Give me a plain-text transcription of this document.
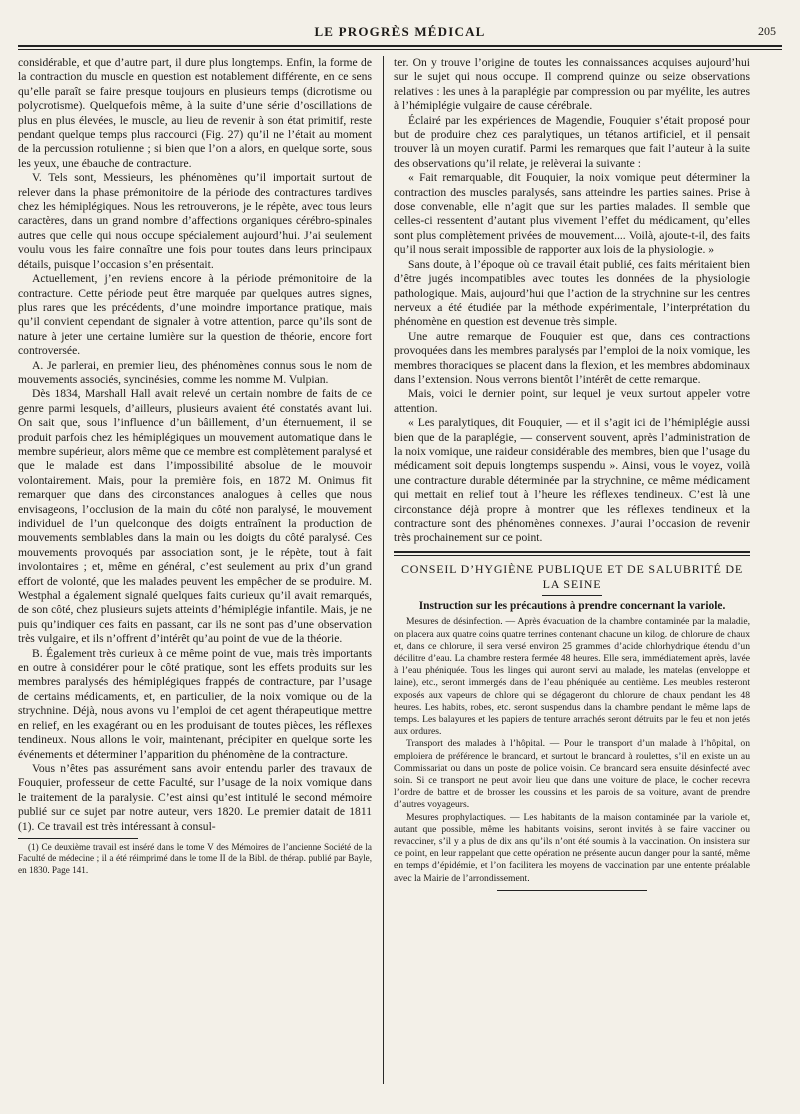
LE PROGRÈS MÉDICAL	205

considérable, et que d’autre part, il dure plus longtemps. Enfin, la forme de la contraction du muscle en question est notablement différente, en ce sens qu’elle paraît se faire presque toujours en plusieurs temps (dicrotisme ou polycrotisme). Quelquefois même, à la suite d’une série d’oscillations de plus en plus élevées, le muscle, au lieu de revenir à son état primitif, reste pendant quelque temps plus raccourci (Fig. 27) qu’il ne l’était au moment de la percussion rotulienne ; si bien que l’on a alors, en quelque sorte, sous les yeux, une ébauche de contracture.

V. Tels sont, Messieurs, les phénomènes qu’il importait surtout de relever dans la phase prémonitoire de la période des contractures tardives chez les hémiplégiques. Nous les retrouverons, je le répète, avec tous leurs caractères, dans un grand nombre d’affections organiques cérébro-spinales autres que celle qui nous occupe spécialement aujourd’hui. J’ai seulement voulu vous les faire connaître une fois pour toutes dans leurs principaux détails, puisque l’occasion s’en présentait.

Actuellement, j’en reviens encore à la période prémonitoire de la contracture. Cette période peut être marquée par quelques autres signes, plus rares que les précédents, d’une moindre importance pratique, mais qu’il convient cependant de signaler à votre attention, parce qu’ils sont de nature à jeter une certaine lumière sur la question de théorie, encore fort controversée.

A. Je parlerai, en premier lieu, des phénomènes connus sous le nom de mouvements associés, syncinésies, comme les nomme M. Vulpian.

Dès 1834, Marshall Hall avait relevé un certain nombre de faits de ce genre parmi lesquels, d’ailleurs, plusieurs avaient été constatés avant lui. On sait que, sous l’influence d’un bâillement, d’un éternuement, il se produit parfois chez les hémiplégiques un mouvement automatique dans le membre supérieur, alors même que ce membre est complètement paralysé et que le malade est dans l’impossibilité absolue de le mouvoir volontairement. Mais, pour la première fois, en 1872 M. Onimus fit remarquer que dans des circonstances analogues à celles que nous envisageons, l’occlusion de la main du côté non paralysé, le mouvement individuel de l’un quelconque des doigts entraînent la production de mouvements semblables dans la main ou les doigts du côté paralysé. Ces mouvements provoqués par association sont, je le répète, tout à fait involontaires ; et, même en général, c’est seulement au prix d’un grand effort de volonté, que les malades peuvent les empêcher de se produire. M. Westphal a également signalé quelques faits curieux qu’il avait remarqués, de son côté, chez plusieurs sujets atteints d’hémiplégie infantile. Mais, je ne puis qu’indiquer ces faits en passant, car ils ne sont pas d’une observation très vulgaire, et ils n’offrent d’intérêt qu’au point de vue de la théorie.

B. Également très curieux à ce même point de vue, mais très importants en outre à considérer pour le côté pratique, sont les effets produits sur les membres paralysés des hémiplégiques frappés de contracture, par l’usage de certains médicaments, et, en particulier, de la noix vomique ou de la strychnine. Déjà, nous avons vu l’emploi de cet agent thérapeutique mettre en relief, en les exagérant ou en les produisant de toutes pièces, les réflexes tendineux. Nous allons le voir, maintenant, précipiter en quelque sorte les événements et déterminer l’apparition du phénomène de la contracture.

Vous n’êtes pas assurément sans avoir entendu parler des travaux de Fouquier, professeur de cette Faculté, sur l’usage de la noix vomique dans le traitement de la paralysie. C’est ainsi qu’est intitulé le second mémoire publié sur ce sujet par notre auteur, vers 1820. Le premier datait de 1811 (1). Ce travail est très intéressant à consul-

(1) Ce deuxième travail est inséré dans le tome V des Mémoires de l’ancienne Société de la Faculté de médecine ; il a été réimprimé dans le tome II de la Bibl. de thérap. publié par Bayle, en 1830. Page 141.

ter. On y trouve l’origine de toutes les connaissances acquises aujourd’hui sur le sujet qui nous occupe. Il comprend quinze ou seize observations relatives : les unes à la paraplégie par compression ou par myélite, les autres à l’hémiplégie vulgaire de cause cérébrale.

Éclairé par les expériences de Magendie, Fouquier s’était proposé pour but de produire chez ces paralytiques, un tétanos artificiel, et il pensait trouver là un moyen curatif. Parmi les remarques que fait l’auteur à la suite des observations qu’il relate, je relèverai la suivante :

« Fait remarquable, dit Fouquier, la noix vomique peut déterminer la contraction des muscles paralysés, sans atteindre les parties saines. Prise à dose convenable, elle n’agit que sur les parties malades. Il semble que celles-ci ressentent d’autant plus vivement l’effet du médicament, qu’elles sont plus complètement privées de mouvement.... Voilà, ajoute-t-il, des faits qu’il nous serait impossible de rapporter aux lois de la physiologie. »

Sans doute, à l’époque où ce travail était publié, ces faits méritaient bien d’être jugés incompatibles avec toutes les données de la physiologie pathologique. Mais, aujourd’hui que l’action de la strychnine sur les centres nerveux a été étudiée par la méthode expérimentale, l’interprétation du phénomène en question est devenue très simple.

Une autre remarque de Fouquier est que, dans ces contractions provoquées dans les membres paralysés par l’emploi de la noix vomique, les membres thoraciques se placent dans la flexion, et les membres abdominaux dans l’extension. Nous verrons bientôt l’intérêt de cette remarque.

Mais, voici le dernier point, sur lequel je veux surtout appeler votre attention.

« Les paralytiques, dit Fouquier, — et il s’agit ici de l’hémiplégie aussi bien que de la paraplégie, — conservent souvent, après l’administration de la noix vomique, une raideur considérable des membres, bien que l’usage du médicament soit depuis longtemps suspendu ». Ainsi, vous le voyez, voilà une contracture durable déterminée par la strychnine, ce même médicament qui mettait en relief tout à l’heure les réflexes tendineux. C’est là une circonstance déjà propre à montrer que les réflexes tendineux et la contracture sont des phénomènes connexes. J’aurai l’occasion de revenir très prochainement sur ce point.

CONSEIL D’HYGIÈNE PUBLIQUE ET DE SALUBRITÉ DE LA SEINE
Instruction sur les précautions à prendre concernant la variole.

Mesures de désinfection. — Après évacuation de la chambre contaminée par la maladie, on placera aux quatre coins quatre terrines contenant chacune un kilog. de chlorure de chaux et, dans ce chlorure, il sera versé environ 25 grammes d’acide chlorhydrique étendu d’un décilitre d’eau. La chambre restera fermée 48 heures. Elle sera, immédiatement après, lavée à l’eau phéniquée. Tous les linges qui auront servi au malade, les matelas (enveloppe et laine), etc., seront immergés dans de l’eau phéniquée au centième. Les meubles resteront exposés aux vapeurs de chlore qui se dégageront du chlorure de chaux pendant les 48 heures. Les habits, robes, etc. seront suspendus dans la chambre pendant le même laps de temps. Les balayures et les papiers de tenture arrachés seront détruits par le feu et non jetés aux ordures.

Transport des malades à l’hôpital. — Pour le transport d’un malade à l’hôpital, on emploiera de préférence le brancard, et surtout le brancard à roulettes, s’il en existe un au Commissariat ou dans un poste de police voisin. Ce brancard sera ensuite désinfecté avec soin. Si ce transport ne peut avoir lieu que dans une voiture de place, le cocher recevra l’ordre de battre et de brosser les coussins et les parois de sa voiture, avant de prendre d’autres voyageurs.

Mesures prophylactiques. — Les habitants de la maison contaminée par la variole et, autant que possible, même les habitants voisins, seront invités à se faire vacciner ou revacciner, s’il y a plus de dix ans qu’ils n’ont été soumis à la vaccination. On insistera sur ce point, en leur rappelant que cette opération ne présente aucun danger pour la santé, même en temps d’épidémie, et l’on facilitera les moyens de vaccination par une entente préalable avec la Mairie de l’arrondissement.
